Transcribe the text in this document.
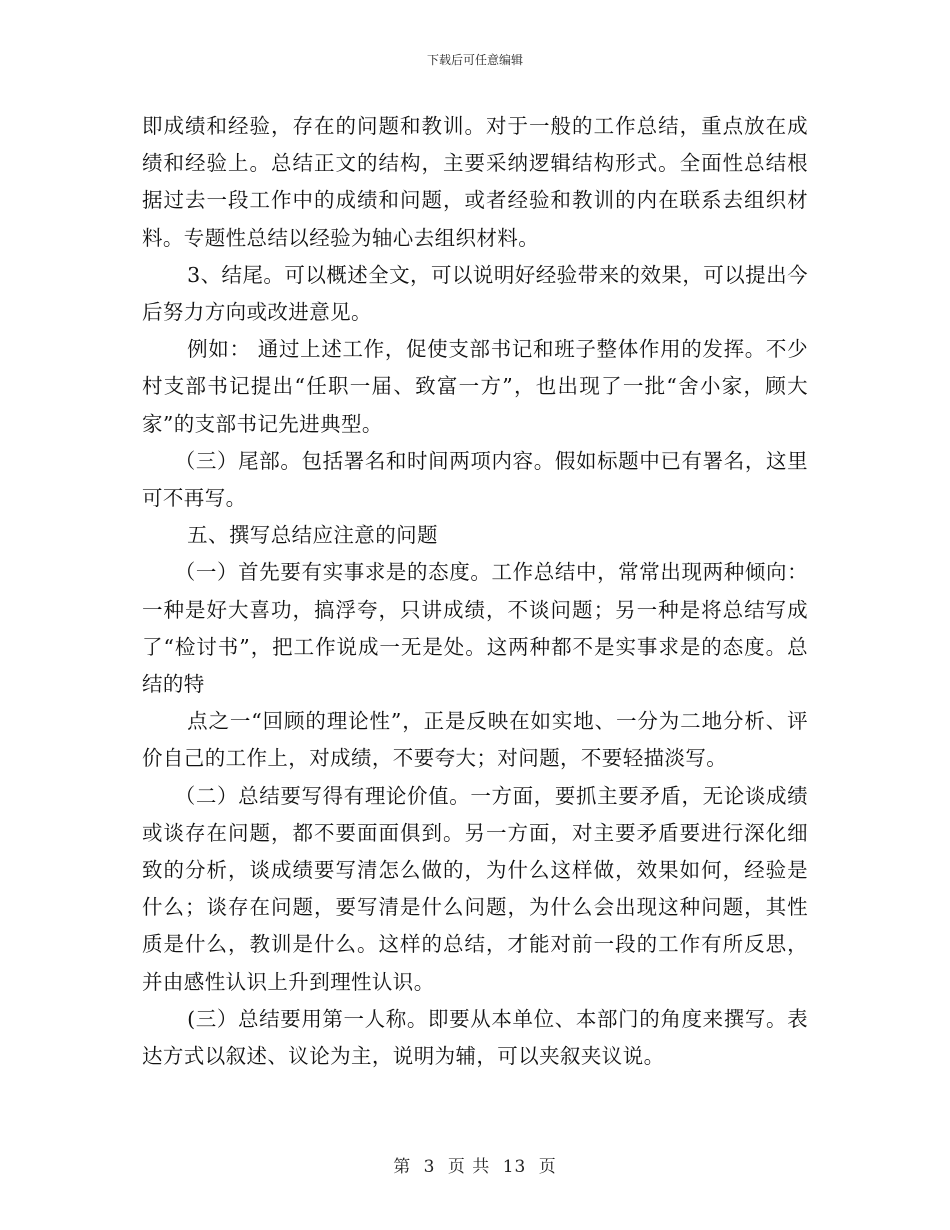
下载后可任意编辑

即成绩和经验，存在的问题和教训。对于一般的工作总结，重点放在成绩和经验上。总结正文的结构，主要采纳逻辑结构形式。全面性总结根据过去一段工作中的成绩和问题，或者经验和教训的内在联系去组织材料。专题性总结以经验为轴心去组织材料。

3、结尾。可以概述全文，可以说明好经验带来的效果，可以提出今后努力方向或改进意见。

例如： 通过上述工作，促使支部书记和班子整体作用的发挥。不少村支部书记提出“任职一届、致富一方”，也出现了一批“舍小家，顾大家”的支部书记先进典型。

（三）尾部。包括署名和时间两项内容。假如标题中已有署名，这里可不再写。

五、撰写总结应注意的问题

（一）首先要有实事求是的态度。工作总结中，常常出现两种倾向：一种是好大喜功，搞浮夸，只讲成绩，不谈问题；另一种是将总结写成了“检讨书”，把工作说成一无是处。这两种都不是实事求是的态度。总结的特

点之一“回顾的理论性”，正是反映在如实地、一分为二地分析、评价自己的工作上，对成绩，不要夸大；对问题，不要轻描淡写。

（二）总结要写得有理论价值。一方面，要抓主要矛盾，无论谈成绩或谈存在问题，都不要面面俱到。另一方面，对主要矛盾要进行深化细致的分析，谈成绩要写清怎么做的，为什么这样做，效果如何，经验是什么；谈存在问题，要写清是什么问题，为什么会出现这种问题，其性质是什么，教训是什么。这样的总结，才能对前一段的工作有所反思，并由感性认识上升到理性认识。

(三）总结要用第一人称。即要从本单位、本部门的角度来撰写。表达方式以叙述、议论为主，说明为辅，可以夹叙夹议说。

第 3 页 共 13 页
